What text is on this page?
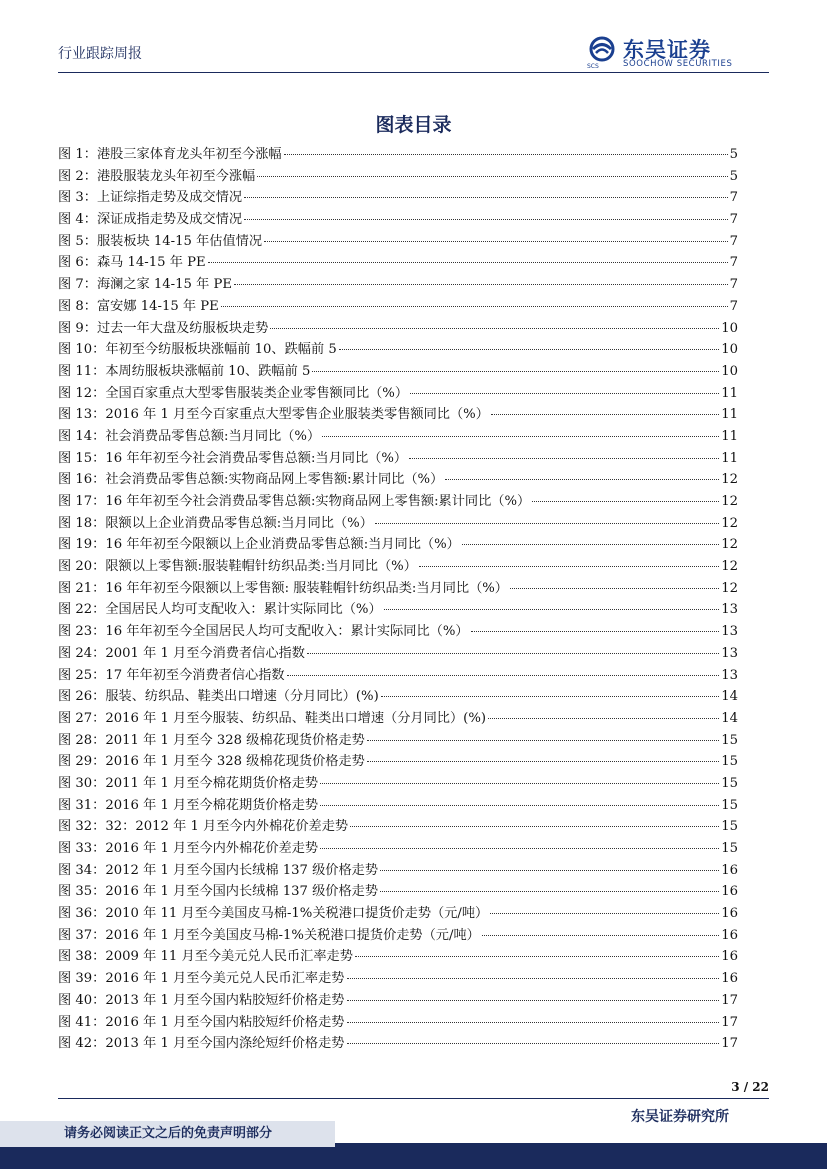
行业跟踪周报
SCS
东吴证券
SOOCHOW SECURITIES
图表目录
图 1：港股三家体育龙头年初至今涨幅	5
图 2：港股服装龙头年初至今涨幅	5
图 3：上证综指走势及成交情况	7
图 4：深证成指走势及成交情况	7
图 5：服装板块 14-15 年估值情况	7
图 6：森马 14-15 年 PE	7
图 7：海澜之家 14-15 年 PE	7
图 8：富安娜 14-15 年 PE	7
图 9：过去一年大盘及纺服板块走势	10
图 10：年初至今纺服板块涨幅前 10、跌幅前 5	10
图 11：本周纺服板块涨幅前 10、跌幅前 5	10
图 12：全国百家重点大型零售服装类企业零售额同比（%）	11
图 13：2016 年 1 月至今百家重点大型零售企业服装类零售额同比（%）	11
图 14：社会消费品零售总额:当月同比（%）	11
图 15：16 年年初至今社会消费品零售总额:当月同比（%）	11
图 16：社会消费品零售总额:实物商品网上零售额:累计同比（%）	12
图 17：16 年年初至今社会消费品零售总额:实物商品网上零售额:累计同比（%）	12
图 18：限额以上企业消费品零售总额:当月同比（%）	12
图 19：16 年年初至今限额以上企业消费品零售总额:当月同比（%）	12
图 20：限额以上零售额:服装鞋帽针纺织品类:当月同比（%）	12
图 21：16 年年初至今限额以上零售额: 服装鞋帽针纺织品类:当月同比（%）	12
图 22：全国居民人均可支配收入：累计实际同比（%）	13
图 23：16 年年初至今全国居民人均可支配收入：累计实际同比（%）	13
图 24：2001 年 1 月至今消费者信心指数	13
图 25：17 年年初至今消费者信心指数	13
图 26：服装、纺织品、鞋类出口增速（分月同比）(%)	14
图 27：2016 年 1 月至今服装、纺织品、鞋类出口增速（分月同比）(%)	14
图 28：2011 年 1 月至今 328 级棉花现货价格走势	15
图 29：2016 年 1 月至今 328 级棉花现货价格走势	15
图 30：2011 年 1 月至今棉花期货价格走势	15
图 31：2016 年 1 月至今棉花期货价格走势	15
图 32：32：2012 年 1 月至今内外棉花价差走势	15
图 33：2016 年 1 月至今内外棉花价差走势	15
图 34：2012 年 1 月至今国内长绒棉 137 级价格走势	16
图 35：2016 年 1 月至今国内长绒棉 137 级价格走势	16
图 36：2010 年 11 月至今美国皮马棉-1%关税港口提货价走势（元/吨）	16
图 37：2016 年 1 月至今美国皮马棉-1%关税港口提货价走势（元/吨）	16
图 38：2009 年 11 月至今美元兑人民币汇率走势	16
图 39：2016 年 1 月至今美元兑人民币汇率走势	16
图 40：2013 年 1 月至今国内粘胶短纤价格走势	17
图 41：2016 年 1 月至今国内粘胶短纤价格走势	17
图 42：2013 年 1 月至今国内涤纶短纤价格走势	17
3 / 22
东吴证券研究所
请务必阅读正文之后的免责声明部分
